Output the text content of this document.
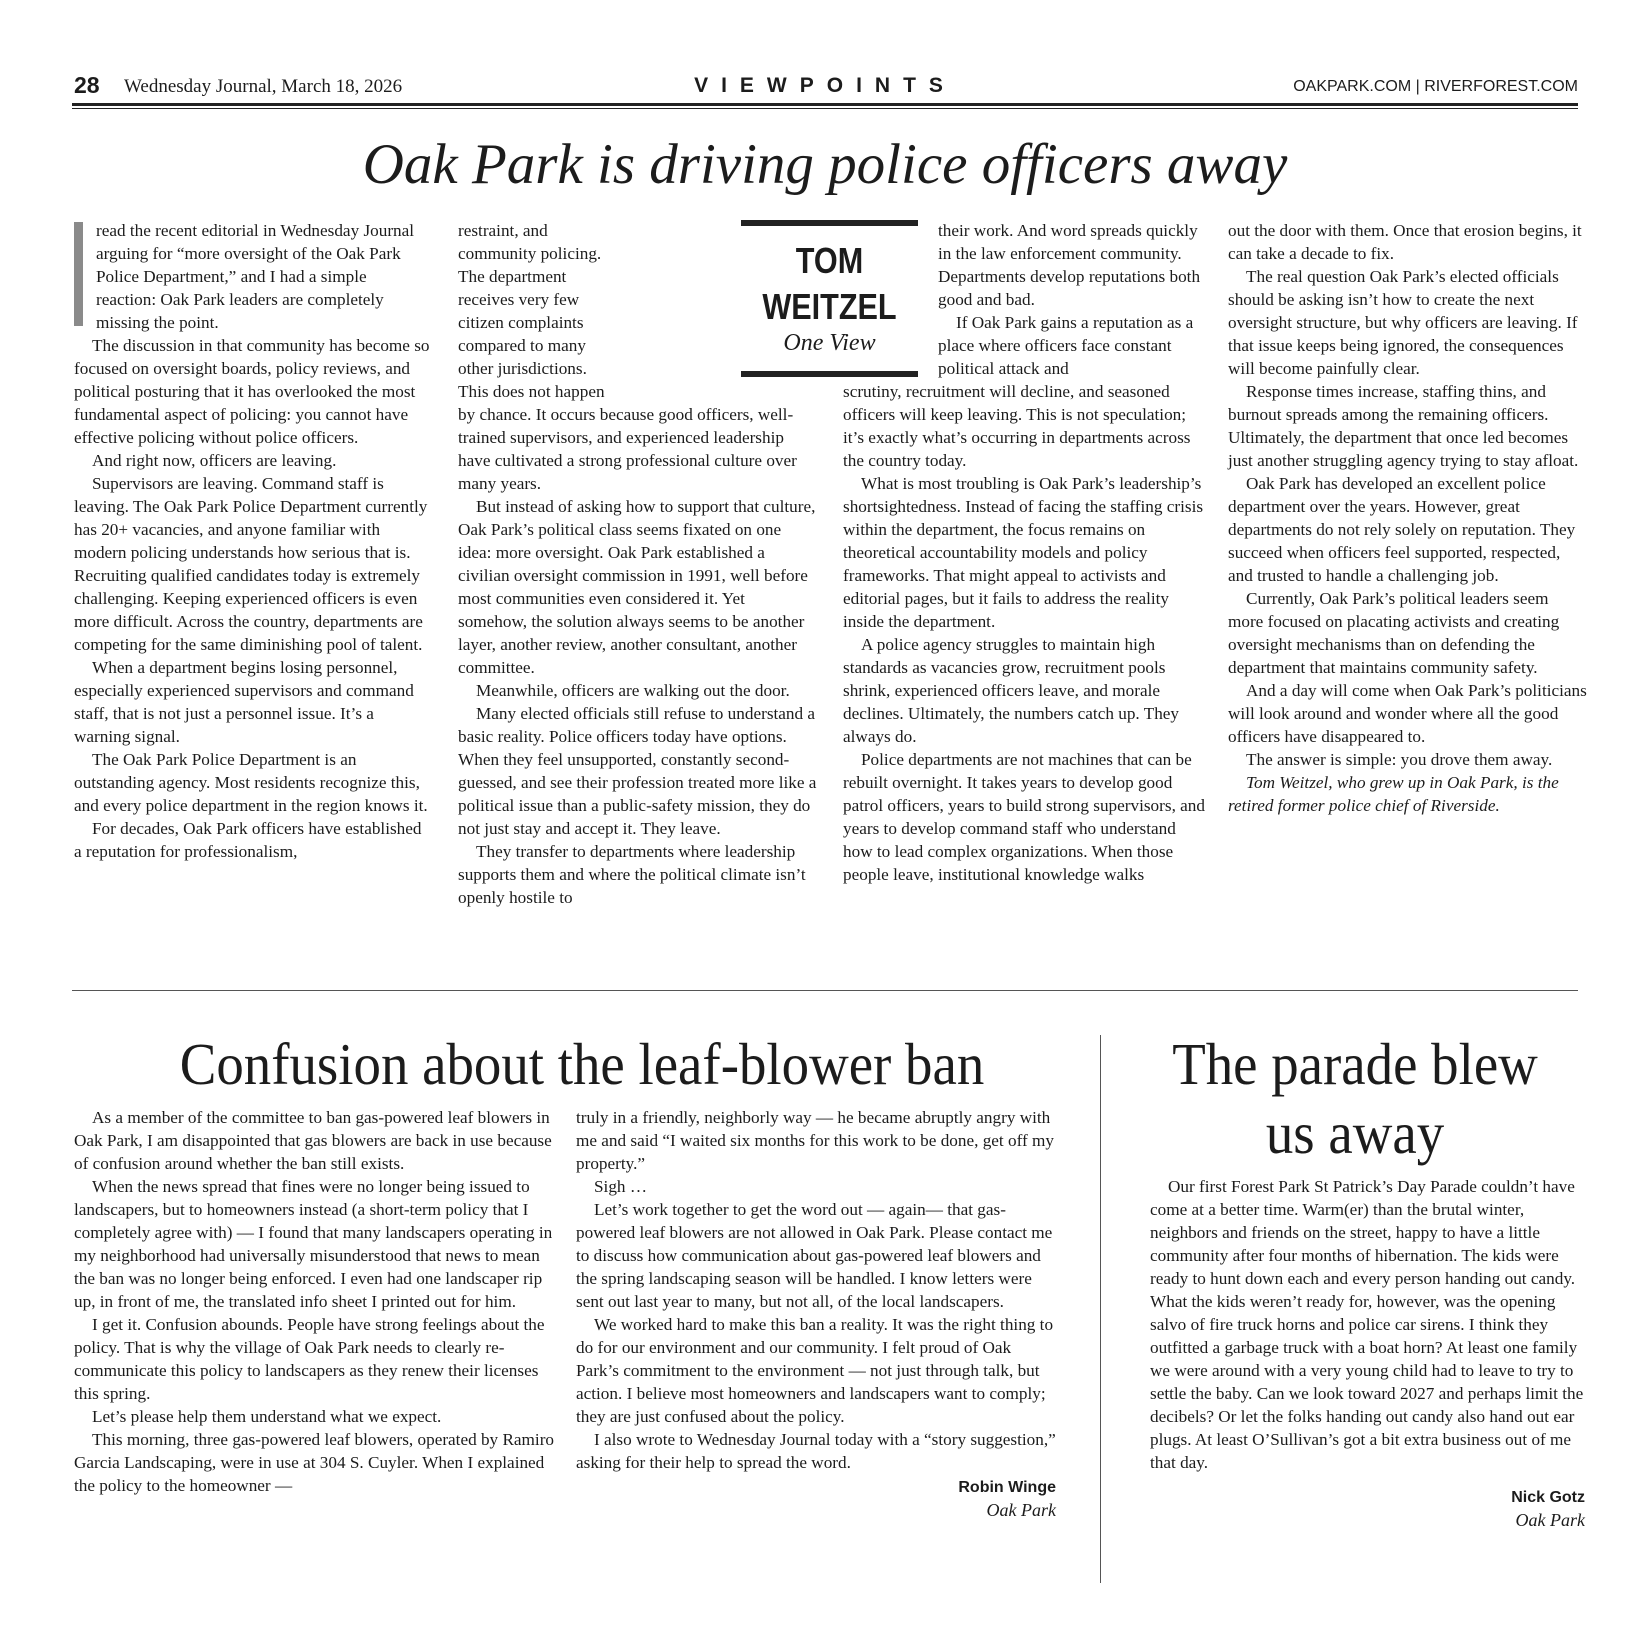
28 Wednesday Journal, March 18, 2026	VIEWPOINTS	OAKPARK.COM | RIVERFOREST.COM
Oak Park is driving police officers away

read the recent editorial in Wednesday Journal arguing for “more oversight of the Oak Park Police Department,” and I had a simple reaction: Oak Park leaders are completely missing the point.

The discussion in that community has become so focused on oversight boards, policy reviews, and political posturing that it has overlooked the most fundamental aspect of policing: you cannot have effective policing without police officers.

And right now, officers are leaving.

Supervisors are leaving. Command staff is leaving. The Oak Park Police Department currently has 20+ vacancies, and anyone familiar with modern policing understands how serious that is. Recruiting qualified candidates today is extremely challenging. Keeping experienced officers is even more difficult. Across the country, departments are competing for the same diminishing pool of talent.

When a department begins losing personnel, especially experienced supervisors and command staff, that is not just a personnel issue. It’s a warning signal.

The Oak Park Police Department is an outstanding agency. Most residents recognize this, and every police department in the region knows it.

For decades, Oak Park officers have established a reputation for professionalism,

restraint, and community policing. The department receives very few citizen complaints compared to many other jurisdictions. This does not happen by chance. It occurs because good officers, well-trained supervisors, and experienced leadership have cultivated a strong professional culture over many years.

But instead of asking how to support that culture, Oak Park’s political class seems fixated on one idea: more oversight. Oak Park established a civilian oversight commission in 1991, well before most communities even considered it. Yet somehow, the solution always seems to be another layer, another review, another consultant, another committee.

Meanwhile, officers are walking out the door.

Many elected officials still refuse to understand a basic reality. Police officers today have options. When they feel unsupported, constantly second-guessed, and see their profession treated more like a political issue than a public-safety mission, they do not just stay and accept it. They leave.

They transfer to departments where leadership supports them and where the political climate isn’t openly hostile to

TOM
WEITZEL
One View

their work. And word spreads quickly in the law enforcement community. Departments develop reputations both good and bad.

If Oak Park gains a reputation as a place where officers face constant political attack and

scrutiny, recruitment will decline, and seasoned officers will keep leaving. This is not speculation; it’s exactly what’s occurring in departments across the country today.

What is most troubling is Oak Park’s leadership’s shortsightedness. Instead of facing the staffing crisis within the department, the focus remains on theoretical accountability models and policy frameworks. That might appeal to activists and editorial pages, but it fails to address the reality inside the department.

A police agency struggles to maintain high standards as vacancies grow, recruitment pools shrink, experienced officers leave, and morale declines. Ultimately, the numbers catch up. They always do.

Police departments are not machines that can be rebuilt overnight. It takes years to develop good patrol officers, years to build strong supervisors, and years to develop command staff who understand how to lead complex organizations. When those people leave, institutional knowledge walks

out the door with them. Once that erosion begins, it can take a decade to fix.

The real question Oak Park’s elected officials should be asking isn’t how to create the next oversight structure, but why officers are leaving. If that issue keeps being ignored, the consequences will become painfully clear.

Response times increase, staffing thins, and burnout spreads among the remaining officers. Ultimately, the department that once led becomes just another struggling agency trying to stay afloat.

Oak Park has developed an excellent police department over the years. However, great departments do not rely solely on reputation. They succeed when officers feel supported, respected, and trusted to handle a challenging job.

Currently, Oak Park’s political leaders seem more focused on placating activists and creating oversight mechanisms than on defending the department that maintains community safety.

And a day will come when Oak Park’s politicians will look around and wonder where all the good officers have disappeared to.

The answer is simple: you drove them away.

Tom Weitzel, who grew up in Oak Park, is the retired former police chief of Riverside.

Confusion about the leaf-blower ban

As a member of the committee to ban gas-powered leaf blowers in Oak Park, I am disappointed that gas blowers are back in use because of confusion around whether the ban still exists.

When the news spread that fines were no longer being issued to landscapers, but to homeowners instead (a short-term policy that I completely agree with) — I found that many landscapers operating in my neighborhood had universally misunderstood that news to mean the ban was no longer being enforced. I even had one landscaper rip up, in front of me, the translated info sheet I printed out for him.

I get it. Confusion abounds. People have strong feelings about the policy. That is why the village of Oak Park needs to clearly re-communicate this policy to landscapers as they renew their licenses this spring.

Let’s please help them understand what we expect.

This morning, three gas-powered leaf blowers, operated by Ramiro Garcia Landscaping, were in use at 304 S. Cuyler. When I explained the policy to the homeowner —

truly in a friendly, neighborly way — he became abruptly angry with me and said “I waited six months for this work to be done, get off my property.”

Sigh …

Let’s work together to get the word out — again— that gas-powered leaf blowers are not allowed in Oak Park. Please contact me to discuss how communication about gas-powered leaf blowers and the spring landscaping season will be handled. I know letters were sent out last year to many, but not all, of the local landscapers.

We worked hard to make this ban a reality. It was the right thing to do for our environment and our community. I felt proud of Oak Park’s commitment to the environment — not just through talk, but action. I believe most homeowners and landscapers want to comply; they are just confused about the policy.

I also wrote to Wednesday Journal today with a “story suggestion,” asking for their help to spread the word.

Robin Winge
Oak Park
The parade blew
us away

Our first Forest Park St Patrick’s Day Parade couldn’t have come at a better time. Warm(er) than the brutal winter, neighbors and friends on the street, happy to have a little community after four months of hibernation. The kids were ready to hunt down each and every person handing out candy. What the kids weren’t ready for, however, was the opening salvo of fire truck horns and police car sirens. I think they outfitted a garbage truck with a boat horn? At least one family we were around with a very young child had to leave to try to settle the baby. Can we look toward 2027 and perhaps limit the decibels? Or let the folks handing out candy also hand out ear plugs. At least O’Sullivan’s got a bit extra business out of me that day.

Nick Gotz
Oak Park
